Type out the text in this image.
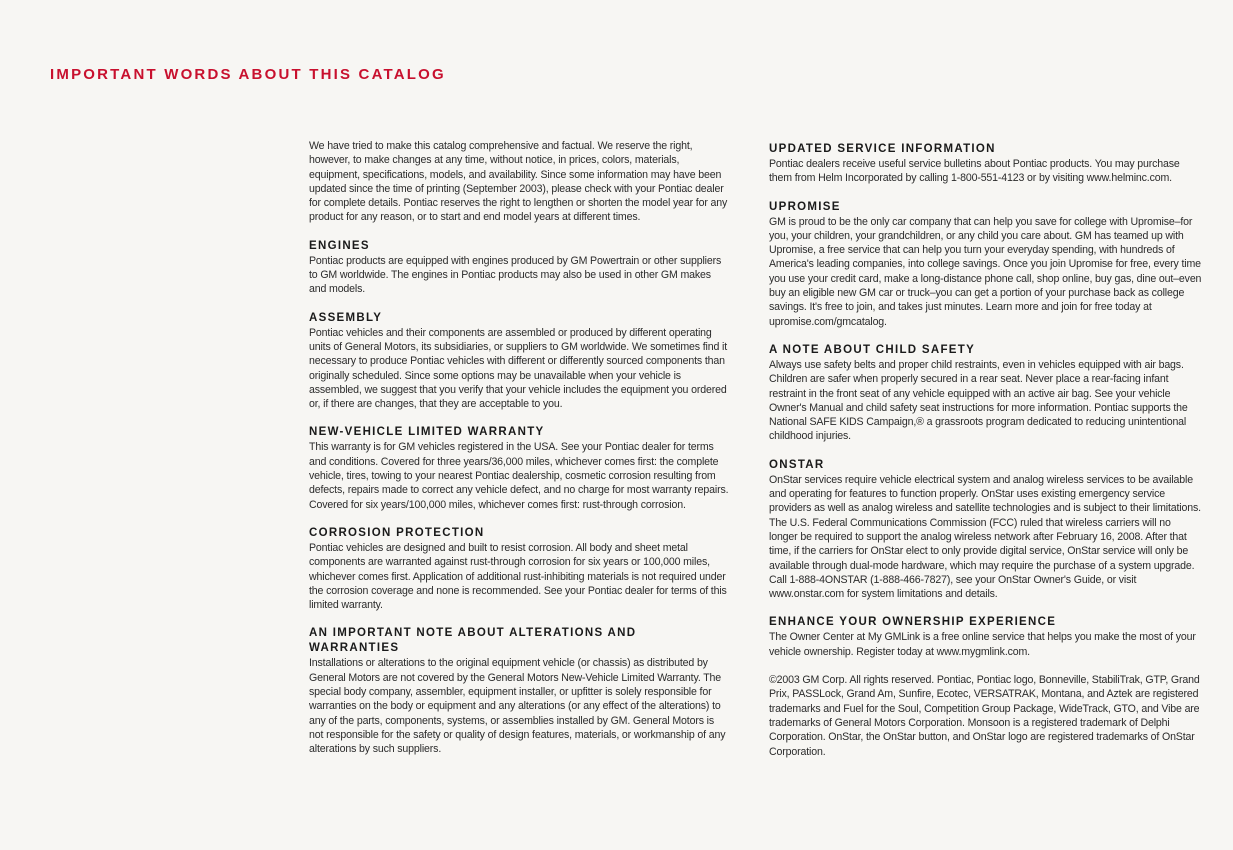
IMPORTANT WORDS ABOUT THIS CATALOG

We have tried to make this catalog comprehensive and factual. We reserve the right, however, to make changes at any time, without notice, in prices, colors, materials, equipment, specifications, models, and availability. Since some information may have been updated since the time of printing (September 2003), please check with your Pontiac dealer for complete details. Pontiac reserves the right to lengthen or shorten the model year for any product for any reason, or to start and end model years at different times.

ENGINES

Pontiac products are equipped with engines produced by GM Powertrain or other suppliers to GM worldwide. The engines in Pontiac products may also be used in other GM makes and models.

ASSEMBLY

Pontiac vehicles and their components are assembled or produced by different operating units of General Motors, its subsidiaries, or suppliers to GM worldwide. We sometimes find it necessary to produce Pontiac vehicles with different or differently sourced components than originally scheduled. Since some options may be unavailable when your vehicle is assembled, we suggest that you verify that your vehicle includes the equipment you ordered or, if there are changes, that they are acceptable to you.

NEW-VEHICLE LIMITED WARRANTY

This warranty is for GM vehicles registered in the USA. See your Pontiac dealer for terms and conditions. Covered for three years/36,000 miles, whichever comes first: the complete vehicle, tires, towing to your nearest Pontiac dealership, cosmetic corrosion resulting from defects, repairs made to correct any vehicle defect, and no charge for most warranty repairs. Covered for six years/100,000 miles, whichever comes first: rust-through corrosion.

CORROSION PROTECTION

Pontiac vehicles are designed and built to resist corrosion. All body and sheet metal components are warranted against rust-through corrosion for six years or 100,000 miles, whichever comes first. Application of additional rust-inhibiting materials is not required under the corrosion coverage and none is recommended. See your Pontiac dealer for terms of this limited warranty.

AN IMPORTANT NOTE ABOUT ALTERATIONS AND WARRANTIES

Installations or alterations to the original equipment vehicle (or chassis) as distributed by General Motors are not covered by the General Motors New-Vehicle Limited Warranty. The special body company, assembler, equipment installer, or upfitter is solely responsible for warranties on the body or equipment and any alterations (or any effect of the alterations) to any of the parts, components, systems, or assemblies installed by GM. General Motors is not responsible for the safety or quality of design features, materials, or workmanship of any alterations by such suppliers.

UPDATED SERVICE INFORMATION

Pontiac dealers receive useful service bulletins about Pontiac products. You may purchase them from Helm Incorporated by calling 1-800-551-4123 or by visiting www.helminc.com.

UPROMISE

GM is proud to be the only car company that can help you save for college with Upromise–for you, your children, your grandchildren, or any child you care about. GM has teamed up with Upromise, a free service that can help you turn your everyday spending, with hundreds of America's leading companies, into college savings. Once you join Upromise for free, every time you use your credit card, make a long-distance phone call, shop online, buy gas, dine out–even buy an eligible new GM car or truck–you can get a portion of your purchase back as college savings. It's free to join, and takes just minutes. Learn more and join for free today at upromise.com/gmcatalog.

A NOTE ABOUT CHILD SAFETY

Always use safety belts and proper child restraints, even in vehicles equipped with air bags. Children are safer when properly secured in a rear seat. Never place a rear-facing infant restraint in the front seat of any vehicle equipped with an active air bag. See your vehicle Owner's Manual and child safety seat instructions for more information. Pontiac supports the National SAFE KIDS Campaign,® a grassroots program dedicated to reducing unintentional childhood injuries.

ONSTAR

OnStar services require vehicle electrical system and analog wireless services to be available and operating for features to function properly. OnStar uses existing emergency service providers as well as analog wireless and satellite technologies and is subject to their limitations. The U.S. Federal Communications Commission (FCC) ruled that wireless carriers will no longer be required to support the analog wireless network after February 16, 2008. After that time, if the carriers for OnStar elect to only provide digital service, OnStar service will only be available through dual-mode hardware, which may require the purchase of a system upgrade. Call 1-888-4ONSTAR (1-888-466-7827), see your OnStar Owner's Guide, or visit www.onstar.com for system limitations and details.

ENHANCE YOUR OWNERSHIP EXPERIENCE

The Owner Center at My GMLink is a free online service that helps you make the most of your vehicle ownership. Register today at www.mygmlink.com.

©2003 GM Corp. All rights reserved. Pontiac, Pontiac logo, Bonneville, StabiliTrak, GTP, Grand Prix, PASSLock, Grand Am, Sunfire, Ecotec, VERSATRAK, Montana, and Aztek are registered trademarks and Fuel for the Soul, Competition Group Package, WideTrack, GTO, and Vibe are trademarks of General Motors Corporation. Monsoon is a registered trademark of Delphi Corporation. OnStar, the OnStar button, and OnStar logo are registered trademarks of OnStar Corporation.
